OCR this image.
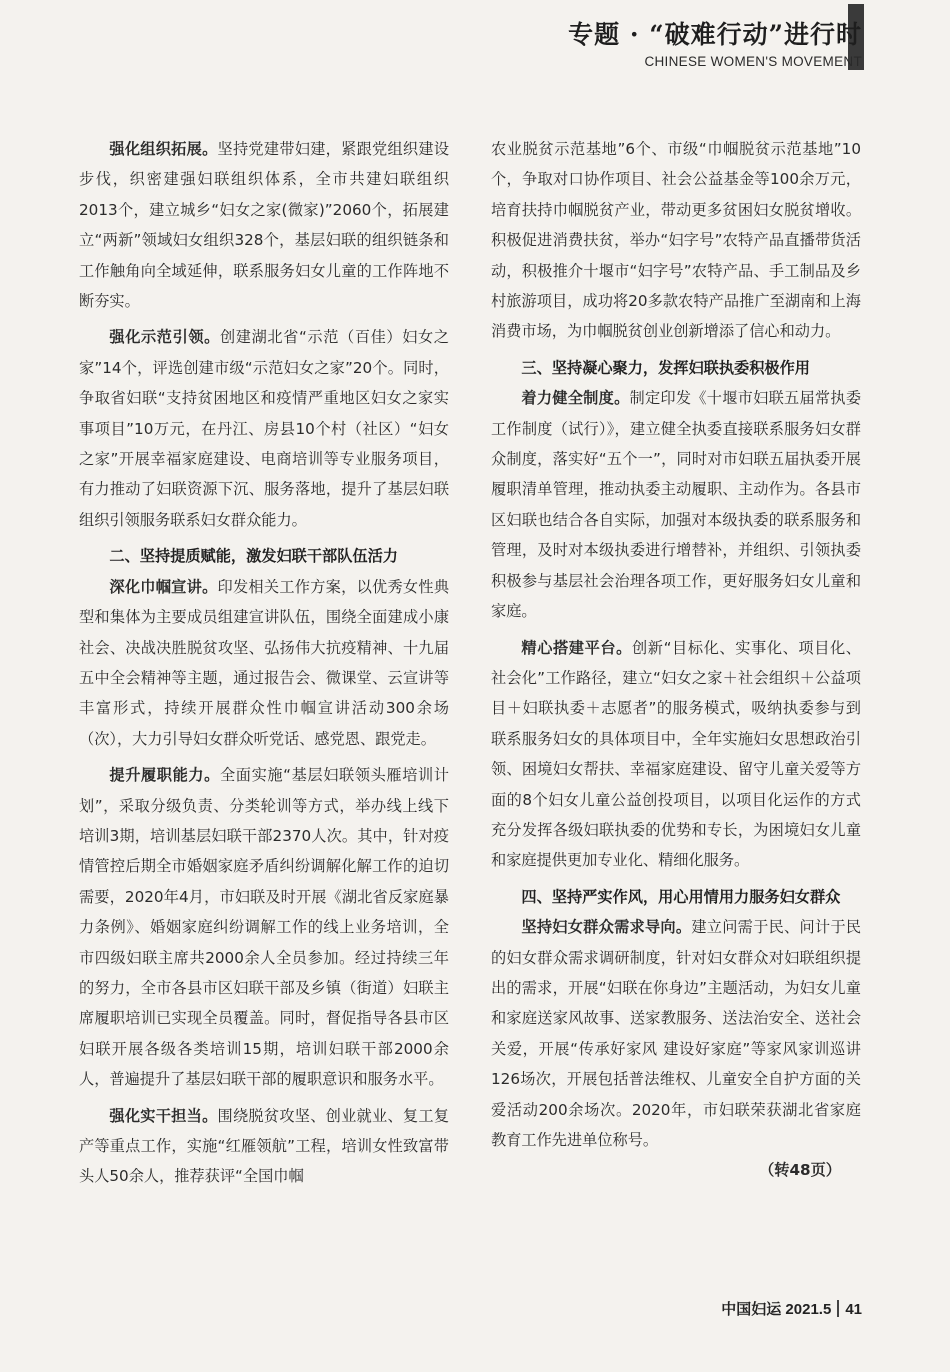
专题 · “破难行动”进行时
CHINESE WOMEN'S MOVEMENT

强化组织拓展。坚持党建带妇建，紧跟党组织建设步伐，织密建强妇联组织体系，全市共建妇联组织2013个，建立城乡“妇女之家(微家)”2060个，拓展建立“两新”领域妇女组织328个，基层妇联的组织链条和工作触角向全域延伸，联系服务妇女儿童的工作阵地不断夯实。

强化示范引领。创建湖北省“示范（百佳）妇女之家”14个，评选创建市级“示范妇女之家”20个。同时，争取省妇联“支持贫困地区和疫情严重地区妇女之家实事项目”10万元，在丹江、房县10个村（社区）“妇女之家”开展幸福家庭建设、电商培训等专业服务项目，有力推动了妇联资源下沉、服务落地，提升了基层妇联组织引领服务联系妇女群众能力。

二、坚持提质赋能，激发妇联干部队伍活力

深化巾帼宣讲。印发相关工作方案，以优秀女性典型和集体为主要成员组建宣讲队伍，围绕全面建成小康社会、决战决胜脱贫攻坚、弘扬伟大抗疫精神、十九届五中全会精神等主题，通过报告会、微课堂、云宣讲等丰富形式，持续开展群众性巾帼宣讲活动300余场（次），大力引导妇女群众听党话、感党恩、跟党走。

提升履职能力。全面实施“基层妇联领头雁培训计划”，采取分级负责、分类轮训等方式，举办线上线下培训3期，培训基层妇联干部2370人次。其中，针对疫情管控后期全市婚姻家庭矛盾纠纷调解化解工作的迫切需要，2020年4月，市妇联及时开展《湖北省反家庭暴力条例》、婚姻家庭纠纷调解工作的线上业务培训，全市四级妇联主席共2000余人全员参加。经过持续三年的努力，全市各县市区妇联干部及乡镇（街道）妇联主席履职培训已实现全员覆盖。同时，督促指导各县市区妇联开展各级各类培训15期，培训妇联干部2000余人，普遍提升了基层妇联干部的履职意识和服务水平。

强化实干担当。围绕脱贫攻坚、创业就业、复工复产等重点工作，实施“红雁领航”工程，培训女性致富带头人50余人，推荐获评“全国巾帼

农业脱贫示范基地”6个、市级“巾帼脱贫示范基地”10个，争取对口协作项目、社会公益基金等100余万元，培育扶持巾帼脱贫产业，带动更多贫困妇女脱贫增收。积极促进消费扶贫，举办“妇字号”农特产品直播带货活动，积极推介十堰市“妇字号”农特产品、手工制品及乡村旅游项目，成功将20多款农特产品推广至湖南和上海消费市场，为巾帼脱贫创业创新增添了信心和动力。

三、坚持凝心聚力，发挥妇联执委积极作用

着力健全制度。制定印发《十堰市妇联五届常执委工作制度（试行）》，建立健全执委直接联系服务妇女群众制度，落实好“五个一”，同时对市妇联五届执委开展履职清单管理，推动执委主动履职、主动作为。各县市区妇联也结合各自实际，加强对本级执委的联系服务和管理，及时对本级执委进行增替补，并组织、引领执委积极参与基层社会治理各项工作，更好服务妇女儿童和家庭。

精心搭建平台。创新“目标化、实事化、项目化、社会化”工作路径，建立“妇女之家＋社会组织＋公益项目＋妇联执委＋志愿者”的服务模式，吸纳执委参与到联系服务妇女的具体项目中，全年实施妇女思想政治引领、困境妇女帮扶、幸福家庭建设、留守儿童关爱等方面的8个妇女儿童公益创投项目，以项目化运作的方式充分发挥各级妇联执委的优势和专长，为困境妇女儿童和家庭提供更加专业化、精细化服务。

四、坚持严实作风，用心用情用力服务妇女群众

坚持妇女群众需求导向。建立问需于民、问计于民的妇女群众需求调研制度，针对妇女群众对妇联组织提出的需求，开展“妇联在你身边”主题活动，为妇女儿童和家庭送家风故事、送家教服务、送法治安全、送社会关爱，开展“传承好家风 建设好家庭”等家风家训巡讲126场次，开展包括普法维权、儿童安全自护方面的关爱活动200余场次。2020年，市妇联荣获湖北省家庭教育工作先进单位称号。

（转48页）
中国妇运 2021.5 41
